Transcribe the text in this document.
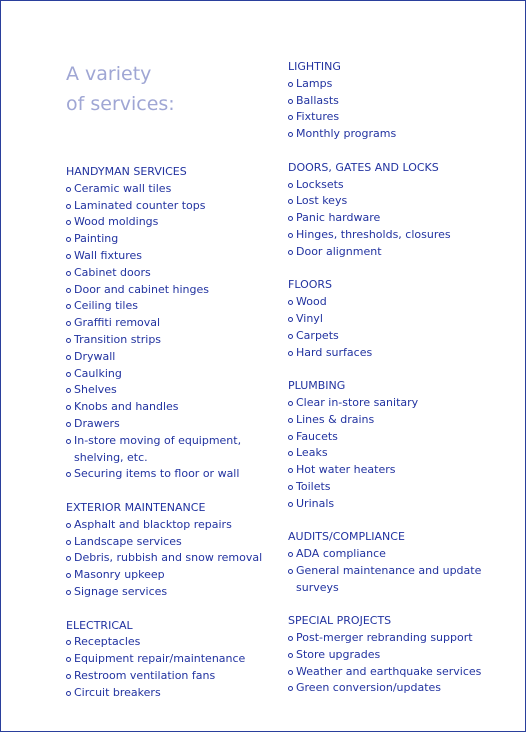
A variety
of services:
HANDYMAN SERVICES
Ceramic wall tiles
Laminated counter tops
Wood moldings
Painting
Wall fixtures
Cabinet doors
Door and cabinet hinges
Ceiling tiles
Graffiti removal
Transition strips
Drywall
Caulking
Shelves
Knobs and handles
Drawers
In-store moving of equipment,
shelving, etc.
Securing items to floor or wall
EXTERIOR MAINTENANCE
Asphalt and blacktop repairs
Landscape services
Debris, rubbish and snow removal
Masonry upkeep
Signage services
ELECTRICAL
Receptacles
Equipment repair/maintenance
Restroom ventilation fans
Circuit breakers
LIGHTING
Lamps
Ballasts
Fixtures
Monthly programs
DOORS, GATES AND LOCKS
Locksets
Lost keys
Panic hardware
Hinges, thresholds, closures
Door alignment
FLOORS
Wood
Vinyl
Carpets
Hard surfaces
PLUMBING
Clear in-store sanitary
Lines & drains
Faucets
Leaks
Hot water heaters
Toilets
Urinals
AUDITS/COMPLIANCE
ADA compliance
General maintenance and update surveys
SPECIAL PROJECTS
Post-merger rebranding support
Store upgrades
Weather and earthquake services
Green conversion/updates
